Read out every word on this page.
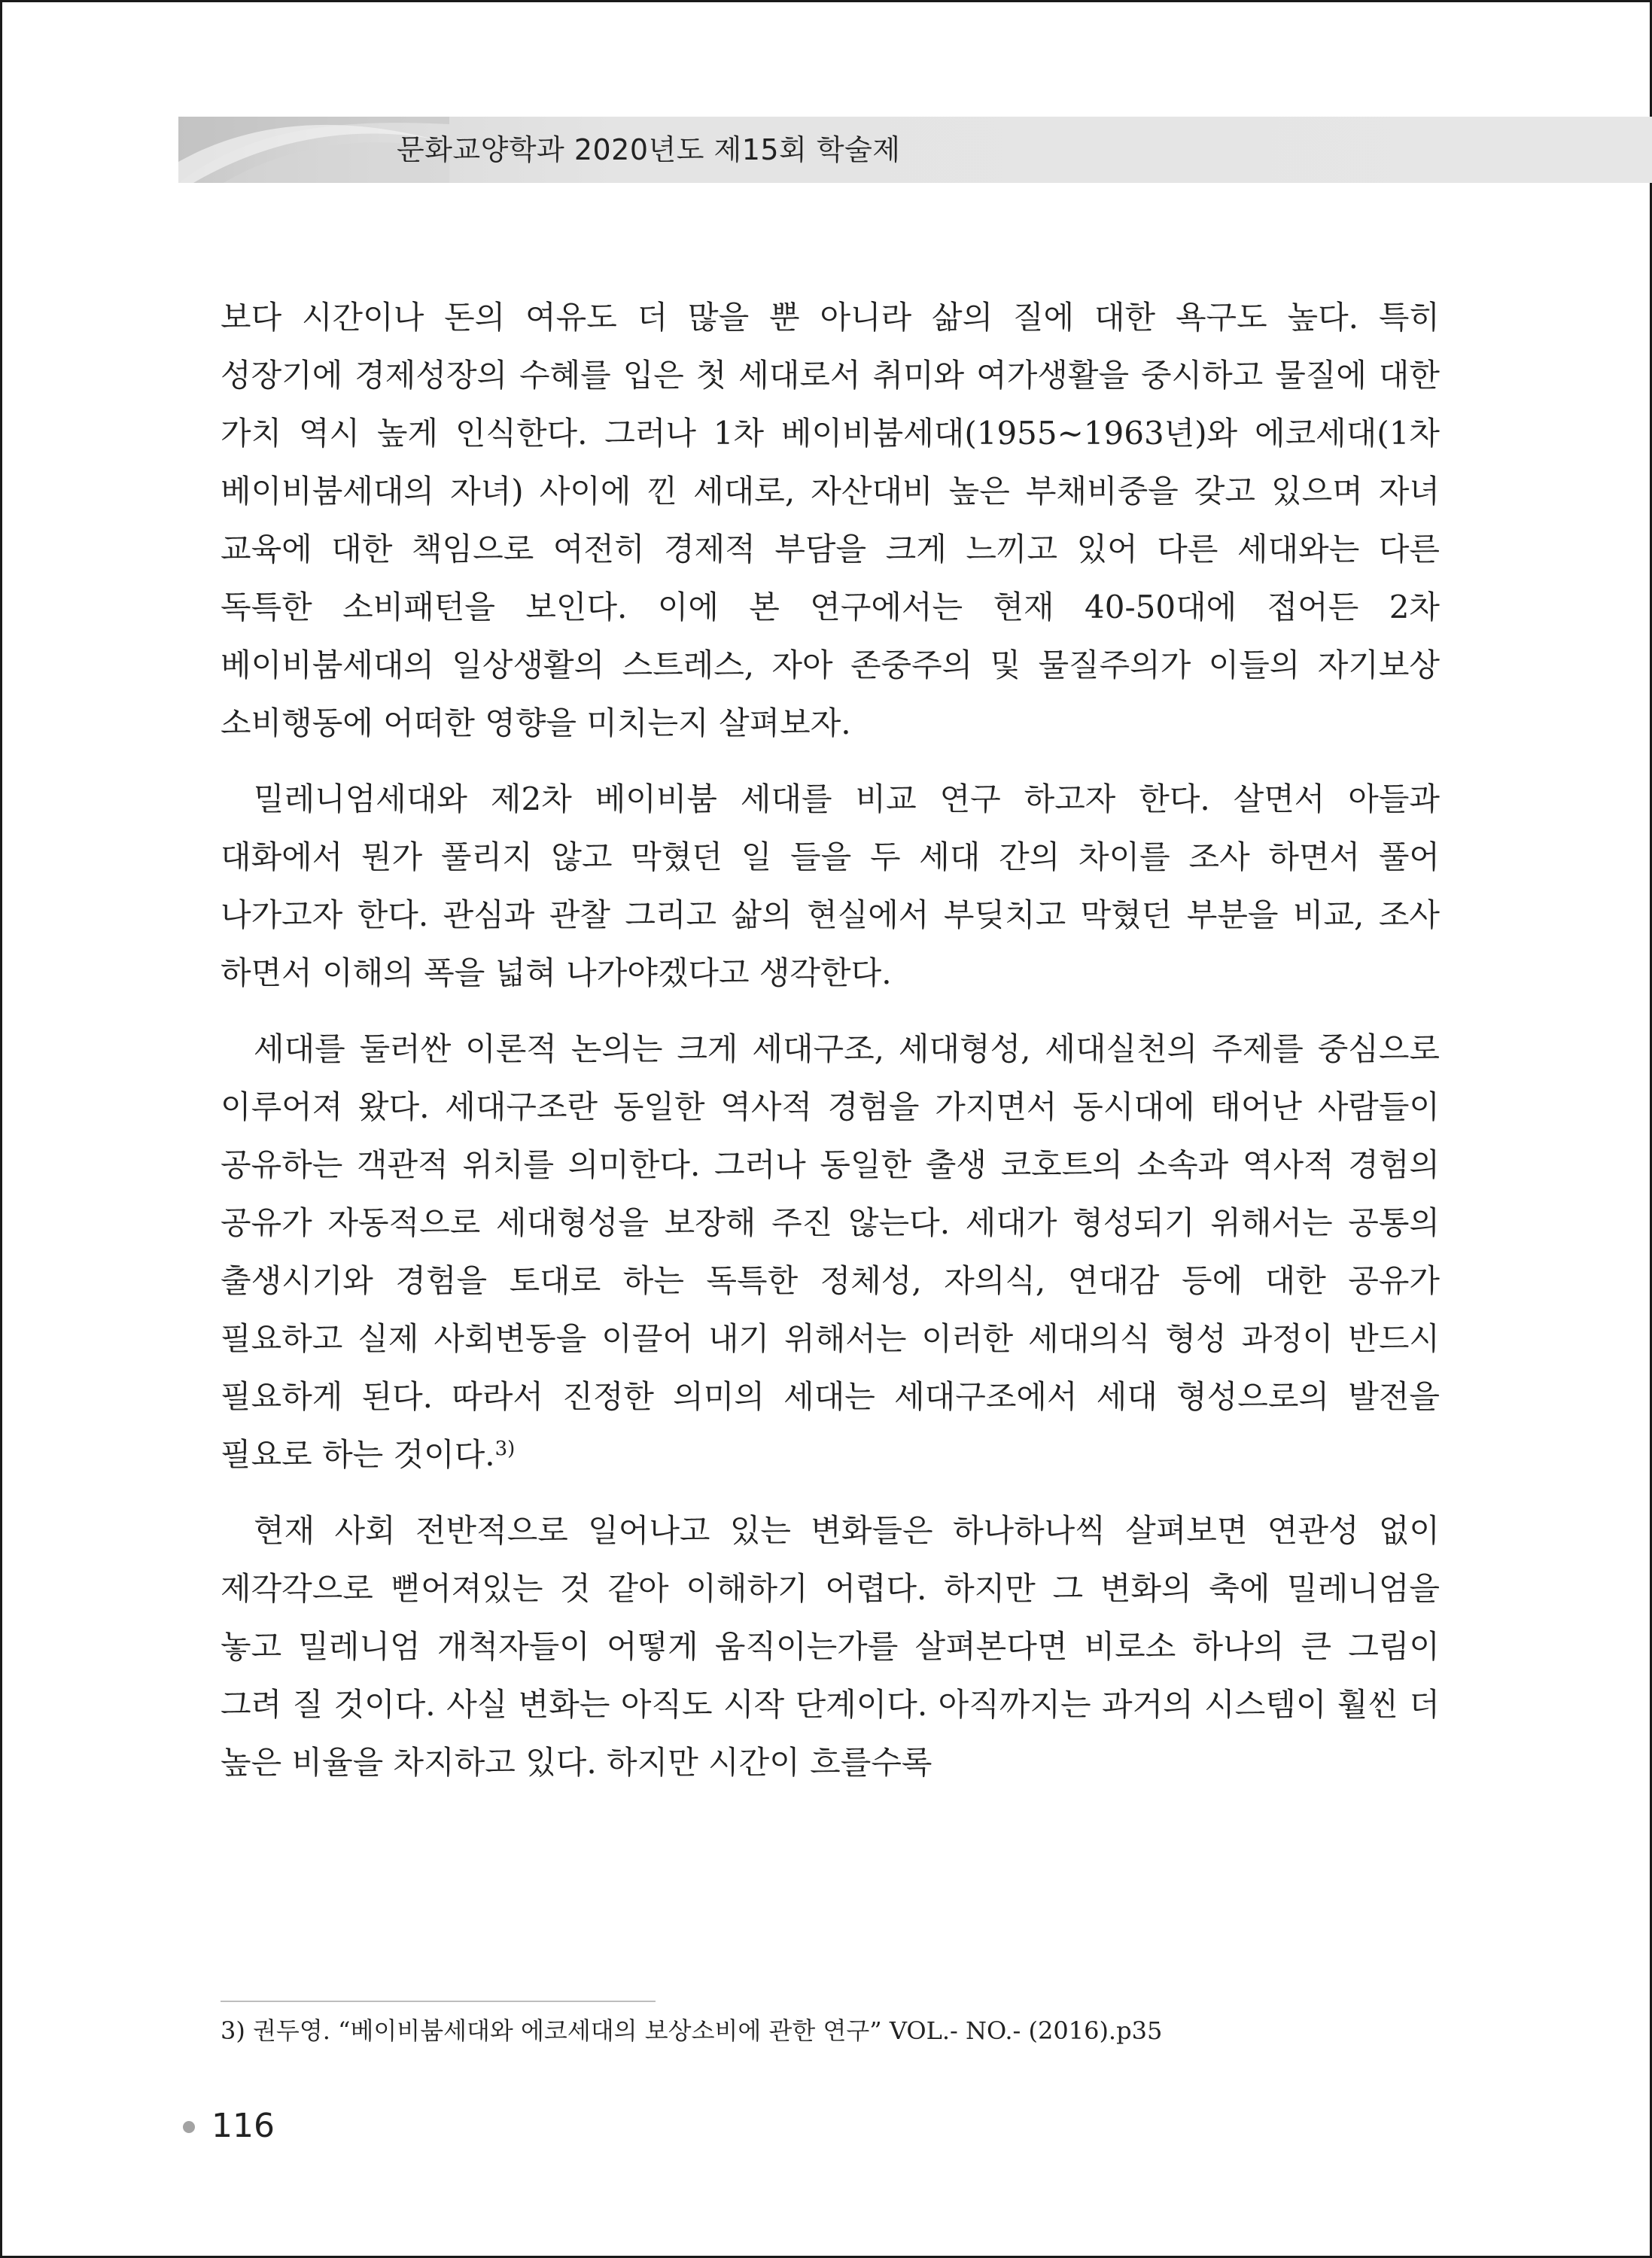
문화교양학과 2020년도 제15회 학술제

보다 시간이나 돈의 여유도 더 많을 뿐 아니라 삶의 질에 대한 욕구도 높다. 특히 성장기에 경제성장의 수혜를 입은 첫 세대로서 취미와 여가생활을 중시하고 물질에 대한 가치 역시 높게 인식한다. 그러나 1차 베이비붐세대(1955~1963년)와 에코세대(1차 베이비붐세대의 자녀) 사이에 낀 세대로, 자산대비 높은 부채비중을 갖고 있으며 자녀 교육에 대한 책임으로 여전히 경제적 부담을 크게 느끼고 있어 다른 세대와는 다른 독특한 소비패턴을 보인다. 이에 본 연구에서는 현재 40-50대에 접어든 2차 베이비붐세대의 일상생활의 스트레스, 자아 존중주의 및 물질주의가 이들의 자기보상 소비행동에 어떠한 영향을 미치는지 살펴보자.

밀레니엄세대와 제2차 베이비붐 세대를 비교 연구 하고자 한다. 살면서 아들과 대화에서 뭔가 풀리지 않고 막혔던 일 들을 두 세대 간의 차이를 조사 하면서 풀어 나가고자 한다. 관심과 관찰 그리고 삶의 현실에서 부딪치고 막혔던 부분을 비교, 조사 하면서 이해의 폭을 넓혀 나가야겠다고 생각한다.

세대를 둘러싼 이론적 논의는 크게 세대구조, 세대형성, 세대실천의 주제를 중심으로 이루어져 왔다. 세대구조란 동일한 역사적 경험을 가지면서 동시대에 태어난 사람들이 공유하는 객관적 위치를 의미한다. 그러나 동일한 출생 코호트의 소속과 역사적 경험의 공유가 자동적으로 세대형성을 보장해 주진 않는다. 세대가 형성되기 위해서는 공통의 출생시기와 경험을 토대로 하는 독특한 정체성, 자의식, 연대감 등에 대한 공유가 필요하고 실제 사회변동을 이끌어 내기 위해서는 이러한 세대의식 형성 과정이 반드시 필요하게 된다. 따라서 진정한 의미의 세대는 세대구조에서 세대 형성으로의 발전을 필요로 하는 것이다.$^{3)}$

현재 사회 전반적으로 일어나고 있는 변화들은 하나하나씩 살펴보면 연관성 없이 제각각으로 뻗어져있는 것 같아 이해하기 어렵다. 하지만 그 변화의 축에 밀레니엄을 놓고 밀레니엄 개척자들이 어떻게 움직이는가를 살펴본다면 비로소 하나의 큰 그림이 그려 질 것이다. 사실 변화는 아직도 시작 단계이다. 아직까지는 과거의 시스템이 훨씬 더 높은 비율을 차지하고 있다. 하지만 시간이 흐를수록

3) 권두영. “베이비붐세대와 에코세대의 보상소비에 관한 연구” VOL.- NO.- (2016).p35
116
